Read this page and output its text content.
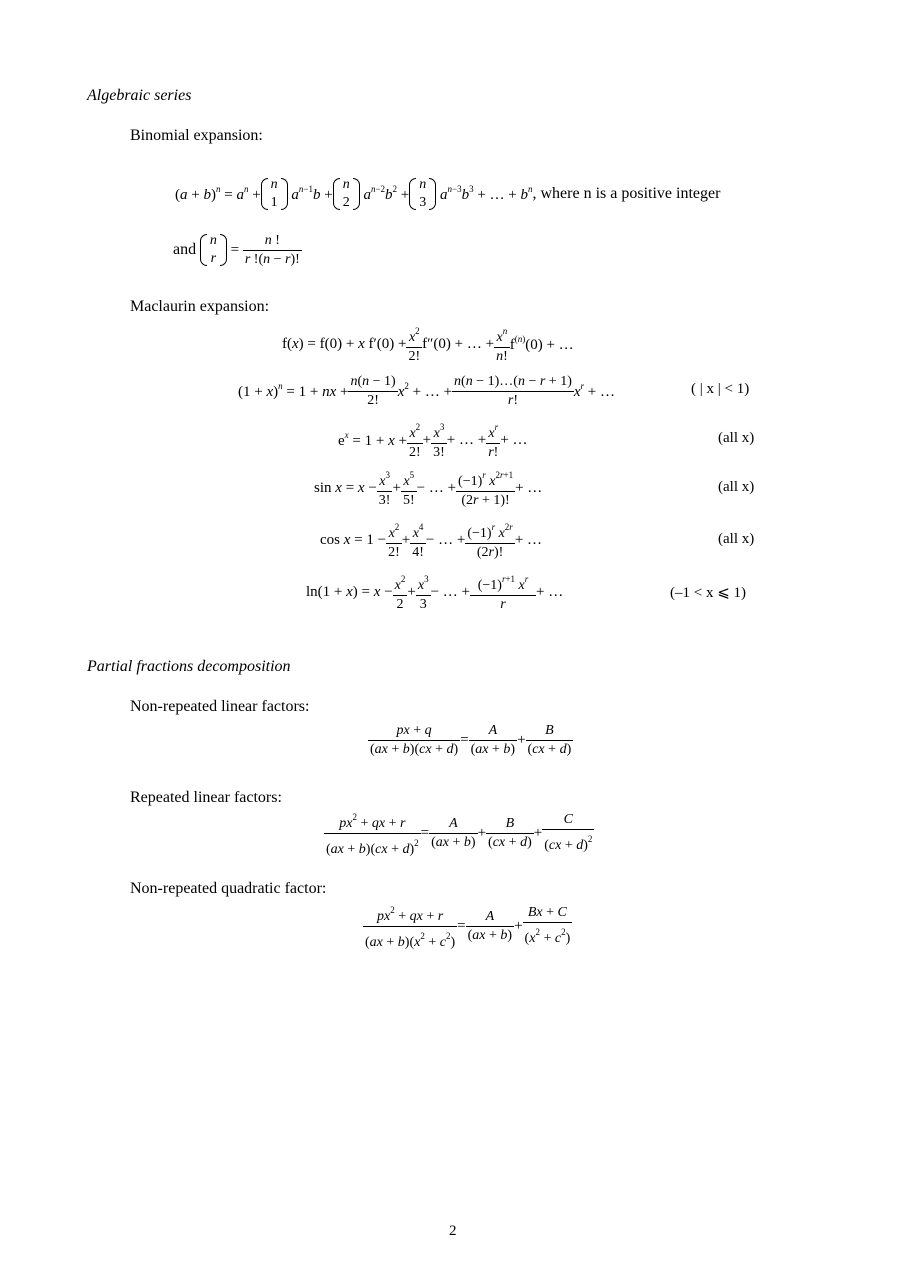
Algebraic series
Binomial expansion:
$(a + b)^n = a^n$ +
n
1 $a^{n-1}b$ +
n
2 $a^{n-2}b^2$ +
n
3 $a^{n-3}b^3$ + … + $b^n$ , where n is a positive integer
and

n
r
= $\frac{n !}{r !(n - r)!}$
Maclaurin expansion:
f(x) = f(0) + x $f'(0) + \frac{x^2}{2!} f''(0)$ + … + $\frac{x^n}{n!} f^{(n)}(0)$ + …
$(1 + x)^n = 1$ + nx + $\frac{n(n - 1)}{2!} x^2$ + … + $\frac{n(n - 1)\dots(n - r + 1)}{r!} x^r$ + …	( | x | < 1)
$e^x = 1 + x + \frac{x^2}{2!} + \frac{x^3}{3!}$ + … + $\frac{x^r}{r!}$ + …	(all x)
$\sin x = x - \frac{x^3}{3!} + \frac{x^5}{5!}$ − … + $\frac{(-1)^r x^{2r+1}}{(2r + 1)!}$ + …	(all x)
$\cos x = 1 - \frac{x^2}{2!} + \frac{x^4}{4!}$ − … + $\frac{(-1)^r x^{2r}}{(2r)!}$ + …	(all x)
$\ln(1 + x) = x - \frac{x^2}{2} + \frac{x^3}{3}$ − … + $\frac{(-1)^{r+1} x^r}{r}$ + …	(–1 < x ⩽ 1)
Partial fractions decomposition
Non-repeated linear factors:
$\frac{px + q}{(ax + b)(cx + d)} = \frac{A}{(ax + b)} + \frac{B}{(cx + d)}$
Repeated linear factors:
$\frac{px^2 + qx + r}{(ax + b)(cx + d)^2} = \frac{A}{(ax + b)} + \frac{B}{(cx + d)} + \frac{C}{(cx + d)^2}$
Non-repeated quadratic factor:
$\frac{px^2 + qx + r}{(ax + b)(x^2 + c^2)} = \frac{A}{(ax + b)} + \frac{Bx + C}{(x^2 + c^2)}$
2
